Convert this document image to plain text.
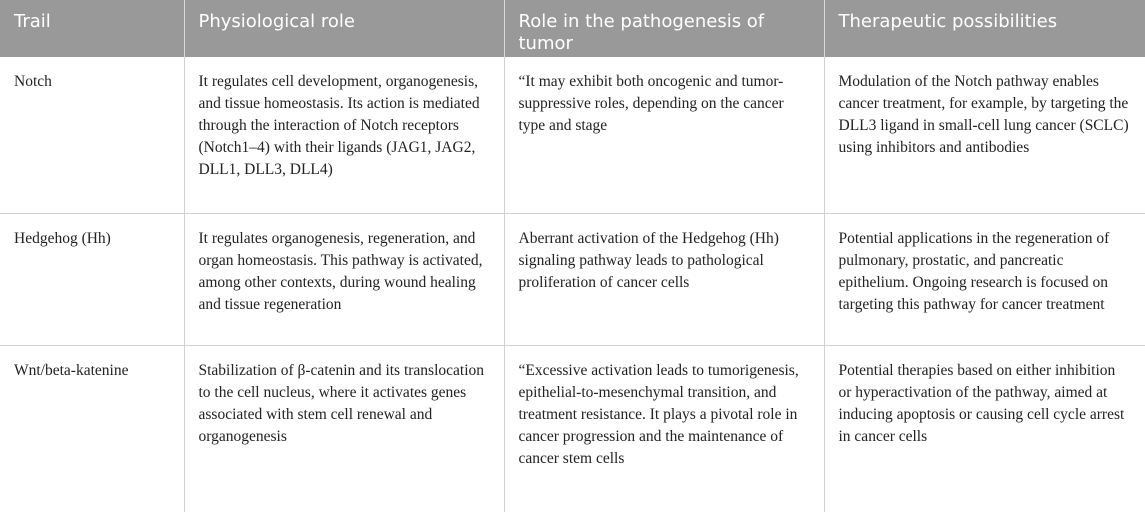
Trail	Physiological role	Role in the pathogenesis of tumor	Therapeutic possibilities
Notch	It regulates cell development, organogenesis, and tissue homeostasis. Its action is mediated through the interaction of Notch receptors (Notch1–4) with their ligands (JAG1, JAG2, DLL1, DLL3, DLL4)	“It may exhibit both oncogenic and tumor-suppressive roles, depending on the cancer type and stage	Modulation of the Notch pathway enables cancer treatment, for example, by targeting the DLL3 ligand in small-cell lung cancer (SCLC) using inhibitors and antibodies
Hedgehog (Hh)	It regulates organogenesis, regeneration, and organ homeostasis. This pathway is activated, among other contexts, during wound healing and tissue regeneration	Aberrant activation of the Hedgehog (Hh) signaling pathway leads to pathological proliferation of cancer cells	Potential applications in the regeneration of pulmonary, prostatic, and pancreatic epithelium. Ongoing research is focused on targeting this pathway for cancer treatment
Wnt/beta-katenine	Stabilization of β-catenin and its translocation to the cell nucleus, where it activates genes associated with stem cell renewal and organogenesis	“Excessive activation leads to tumorigenesis, epithelial-to-mesenchymal transition, and treatment resistance. It plays a pivotal role in cancer progression and the maintenance of cancer stem cells	Potential therapies based on either inhibition or hyperactivation of the pathway, aimed at inducing apoptosis or causing cell cycle arrest in cancer cells
